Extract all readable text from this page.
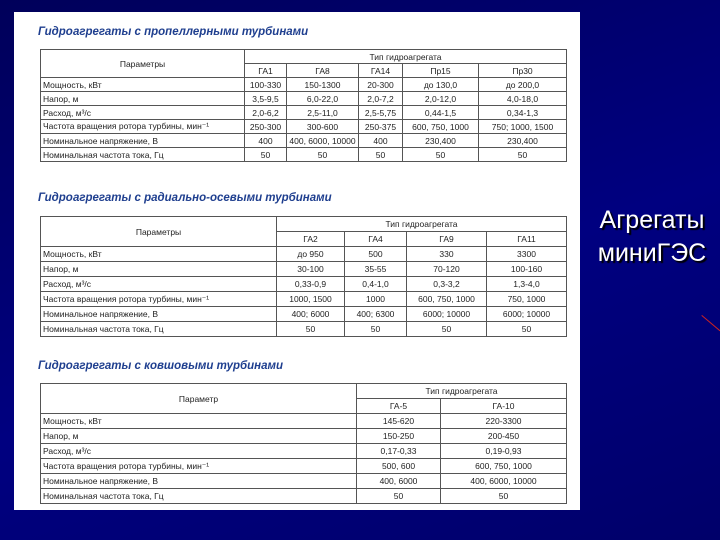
Гидроагрегаты с пропеллерными турбинами
Параметры	Тип гидроагрегата				
	ГА1	ГА8	ГА14	Пр15	Пр30
Мощность, кВт	100-330	150-1300	20-300	до 130,0	до 200,0
Напор, м	3,5-9,5	6,0-22,0	2,0-7,2	2,0-12,0	4,0-18,0
Расход, м³/с	2,0-6,2	2,5-11,0	2,5-5,75	0,44-1,5	0,34-1,3
Частота вращения ротора турбины, мин⁻¹	250-300	300-600	250-375	600, 750, 1000	750; 1000, 1500
Номинальное напряжение, В	400	400, 6000, 10000	400	230,400	230,400
Номинальная частота тока, Гц	50	50	50	50	50
Гидроагрегаты с радиально-осевыми турбинами
Параметры	Тип гидроагрегата			
	ГА2	ГА4	ГА9	ГА11
Мощность, кВт	до 950	500	330	3300
Напор, м	30-100	35-55	70-120	100-160
Расход, м³/с	0,33-0,9	0,4-1,0	0,3-3,2	1,3-4,0
Частота вращения ротора турбины, мин⁻¹	1000, 1500	1000	600, 750, 1000	750, 1000
Номинальное напряжение, В	400; 6000	400; 6300	6000; 10000	6000; 10000
Номинальная частота тока, Гц	50	50	50	50
Гидроагрегаты с ковшовыми турбинами
Параметр	Тип гидроагрегата	
	ГА-5	ГА-10
Мощность, кВт	145-620	220-3300
Напор, м	150-250	200-450
Расход, м³/с	0,17-0,33	0,19-0,93
Частота вращения ротора турбины, мин⁻¹	500, 600	600, 750, 1000
Номинальное напряжение, В	400, 6000	400, 6000, 10000
Номинальная частота тока, Гц	50	50
Агрегаты
миниГЭС
